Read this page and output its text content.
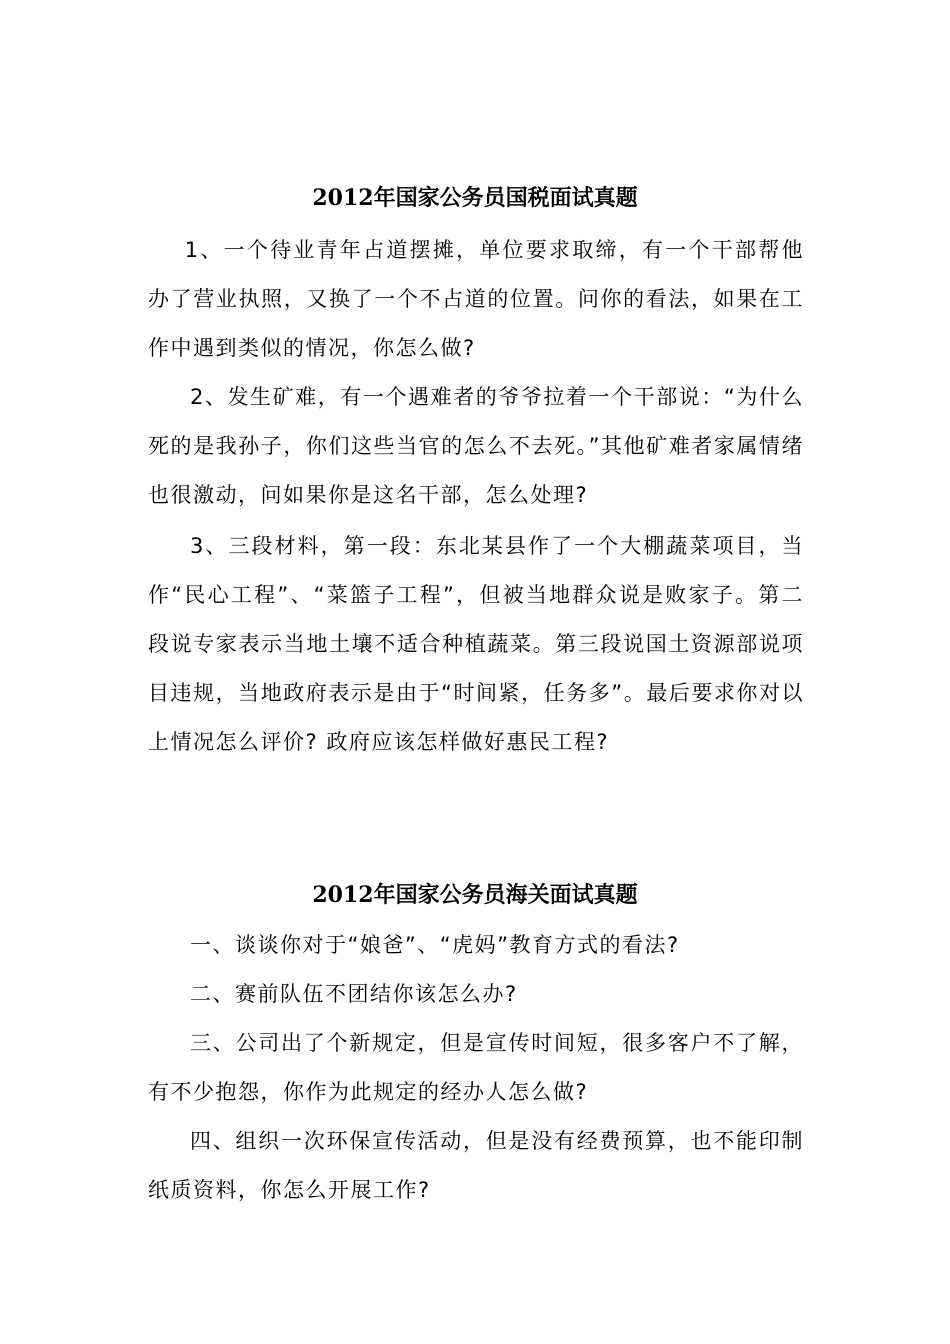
2012年国家公务员国税面试真题

1、一个待业青年占道摆摊，单位要求取缔，有一个干部帮他办了营业执照，又换了一个不占道的位置。问你的看法，如果在工作中遇到类似的情况，你怎么做?

2、发生矿难，有一个遇难者的爷爷拉着一个干部说：“为什么死的是我孙子，你们这些当官的怎么不去死。”其他矿难者家属情绪也很激动，问如果你是这名干部，怎么处理?

3、三段材料，第一段：东北某县作了一个大棚蔬菜项目，当作“民心工程”、“菜篮子工程”，但被当地群众说是败家子。第二段说专家表示当地土壤不适合种植蔬菜。第三段说国土资源部说项目违规，当地政府表示是由于“时间紧，任务多”。最后要求你对以上情况怎么评价? 政府应该怎样做好惠民工程?

2012年国家公务员海关面试真题

一、谈谈你对于“娘爸”、“虎妈”教育方式的看法?

二、赛前队伍不团结你该怎么办?

三、公司出了个新规定，但是宣传时间短，很多客户不了解，有不少抱怨，你作为此规定的经办人怎么做?

四、组织一次环保宣传活动，但是没有经费预算，也不能印制纸质资料，你怎么开展工作?
